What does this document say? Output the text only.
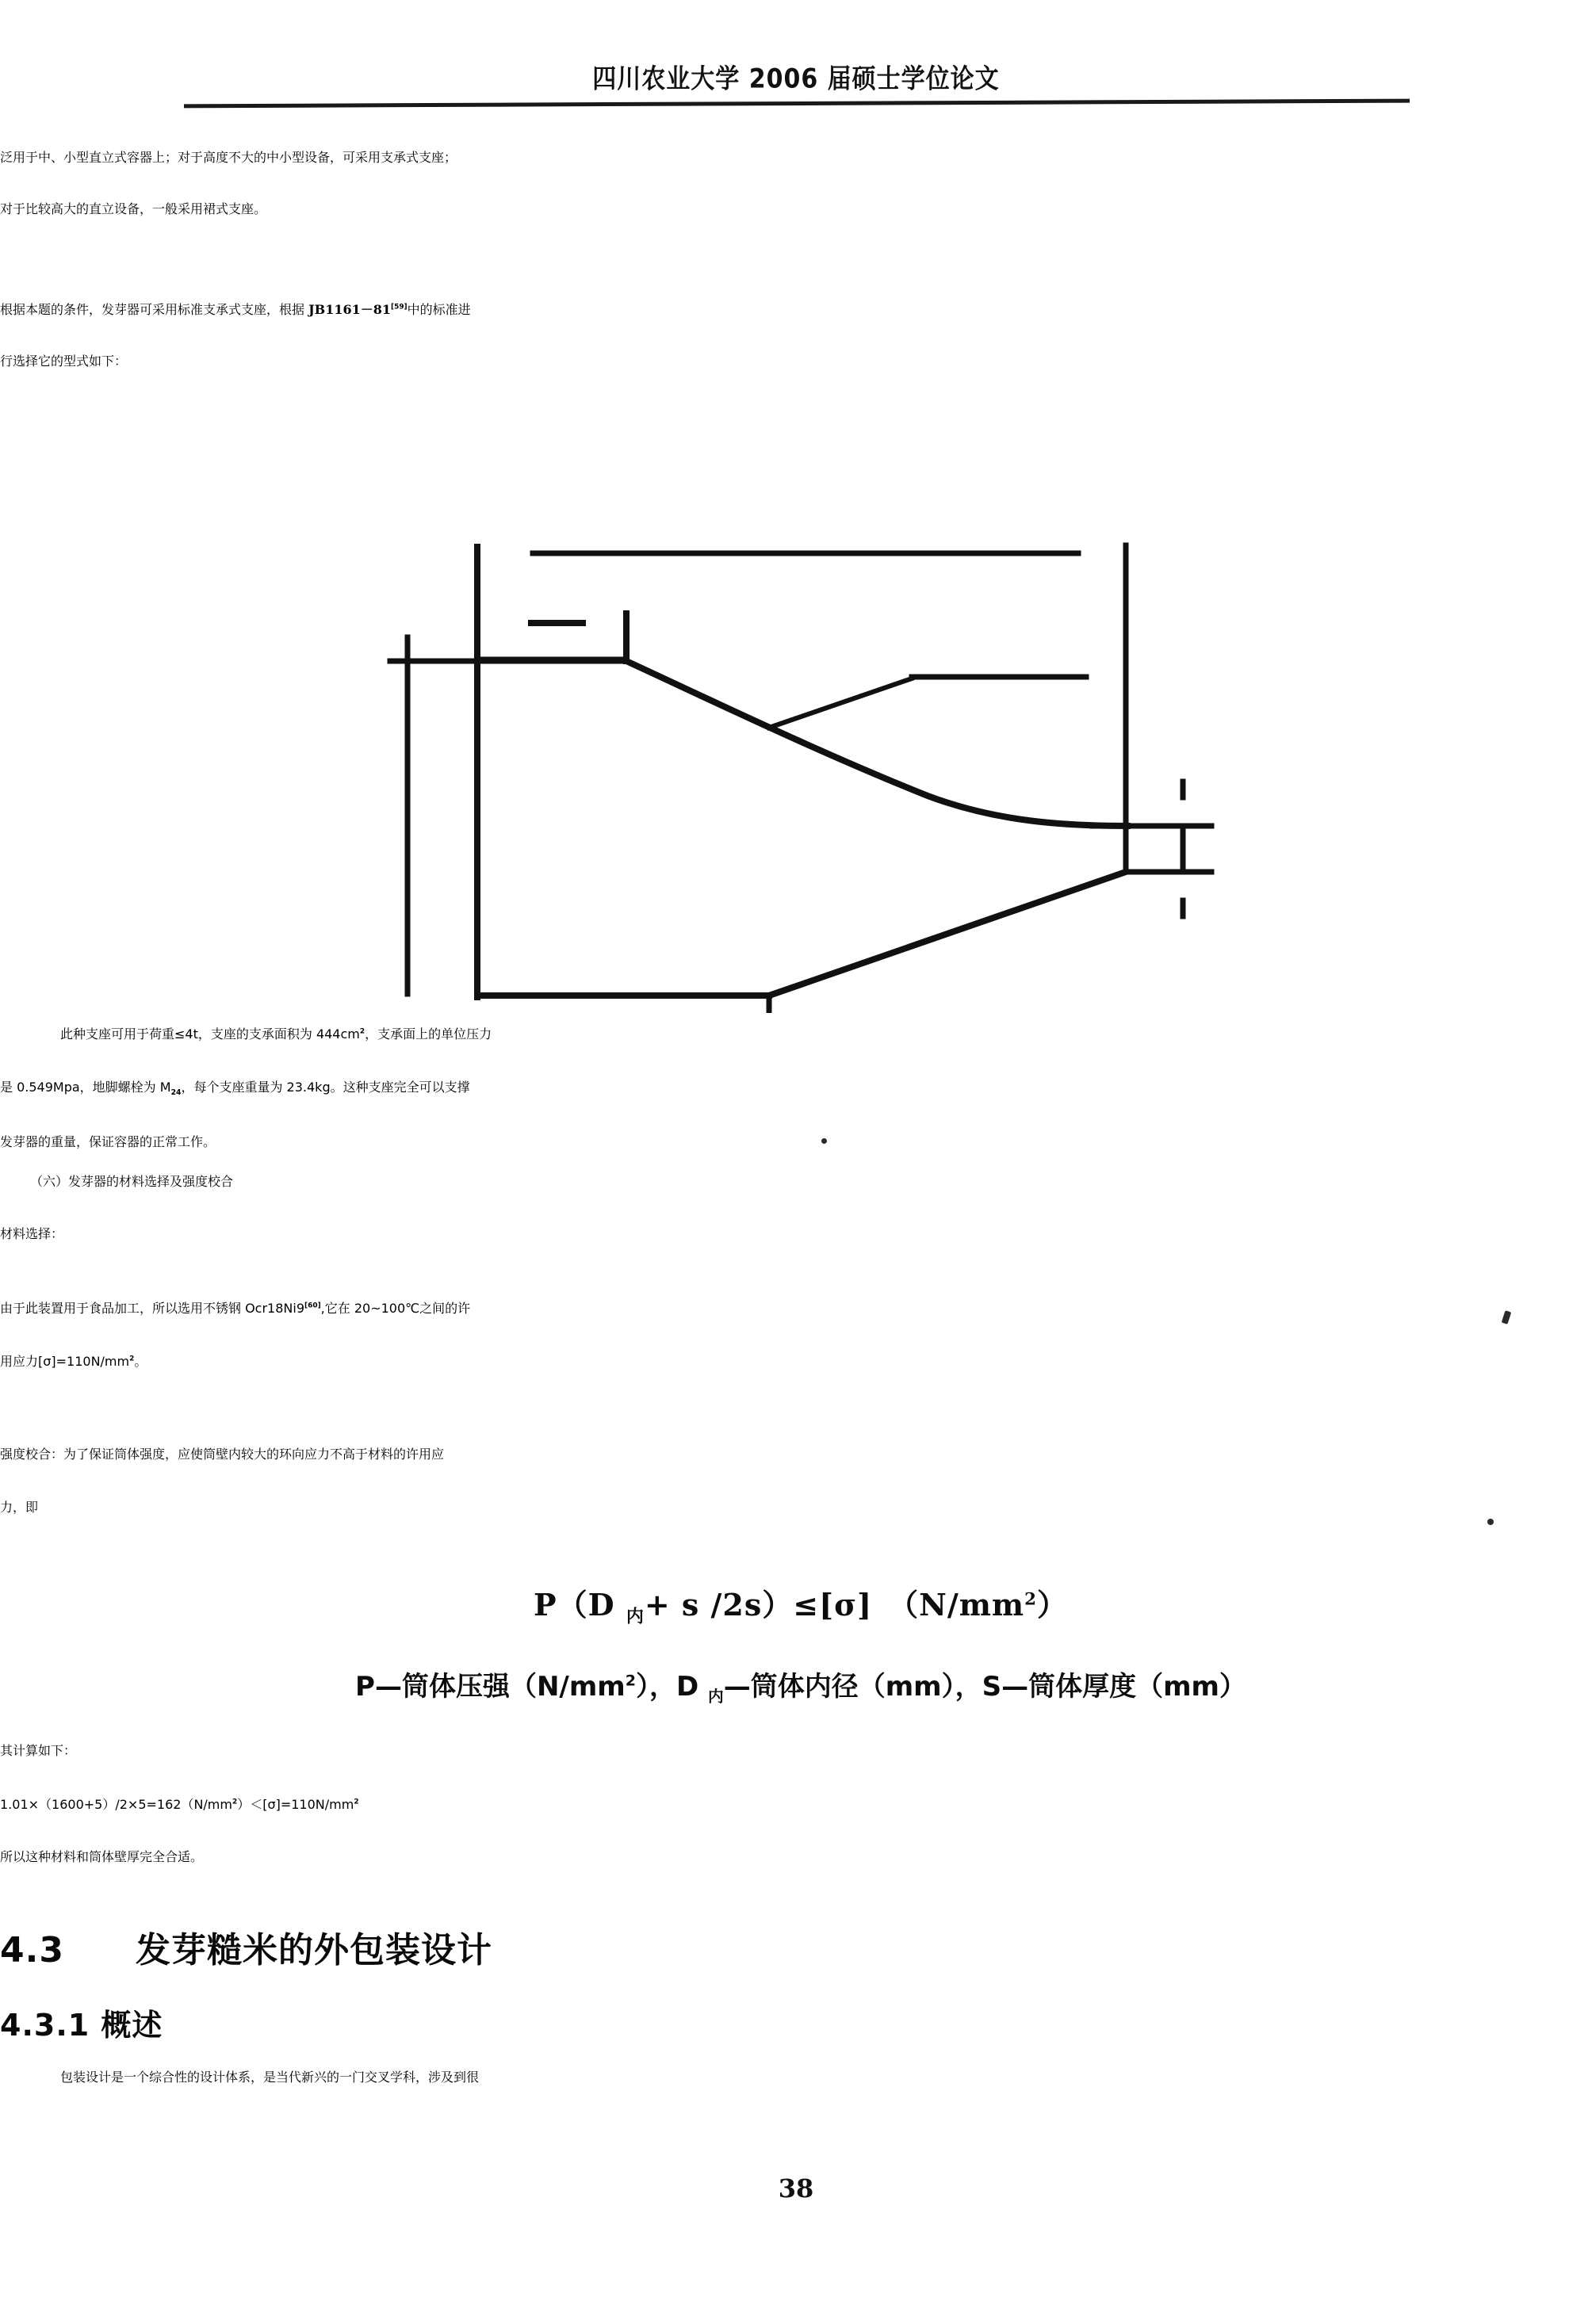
四川农业大学 2006 届硕士学位论文
泛用于中、小型直立式容器上；对于高度不大的中小型设备，可采用支承式支座；
对于比较高大的直立设备，一般采用裙式支座。
根据本题的条件，发芽器可采用标准支承式支座，根据 JB1161－81[59]中的标准进
行选择它的型式如下：
此种支座可用于荷重≤4t，支座的支承面积为 $444cm^2$，支承面上的单位压力
是 0.549Mpa，地脚螺栓为 $M_{24}$，每个支座重量为 23.4kg。这种支座完全可以支撑
发芽器的重量，保证容器的正常工作。
（六）发芽器的材料选择及强度校合
材料选择：
由于此装置用于食品加工，所以选用不锈钢 Ocr18Ni9[60],它在 20~100℃之间的许
用应力$[\sigma]=110N/mm^2$。
强度校合：为了保证筒体强度，应使筒壁内较大的环向应力不高于材料的许用应
力，即
P（D $_内$+ s /2s）≤[σ]　$(N/mm^2)$
P—筒体压强$(N/mm^2)$，D $_内$—筒体内径（mm），S—筒体厚度（mm）
其计算如下：
$1.01\times(1600+5)/2\times 5=162(N/mm^2)<[\sigma]=110N/mm^2$
所以这种材料和筒体壁厚完全合适。
4.3　　发芽糙米的外包装设计
4.3.1 概述
包装设计是一个综合性的设计体系，是当代新兴的一门交叉学科，涉及到很
38
